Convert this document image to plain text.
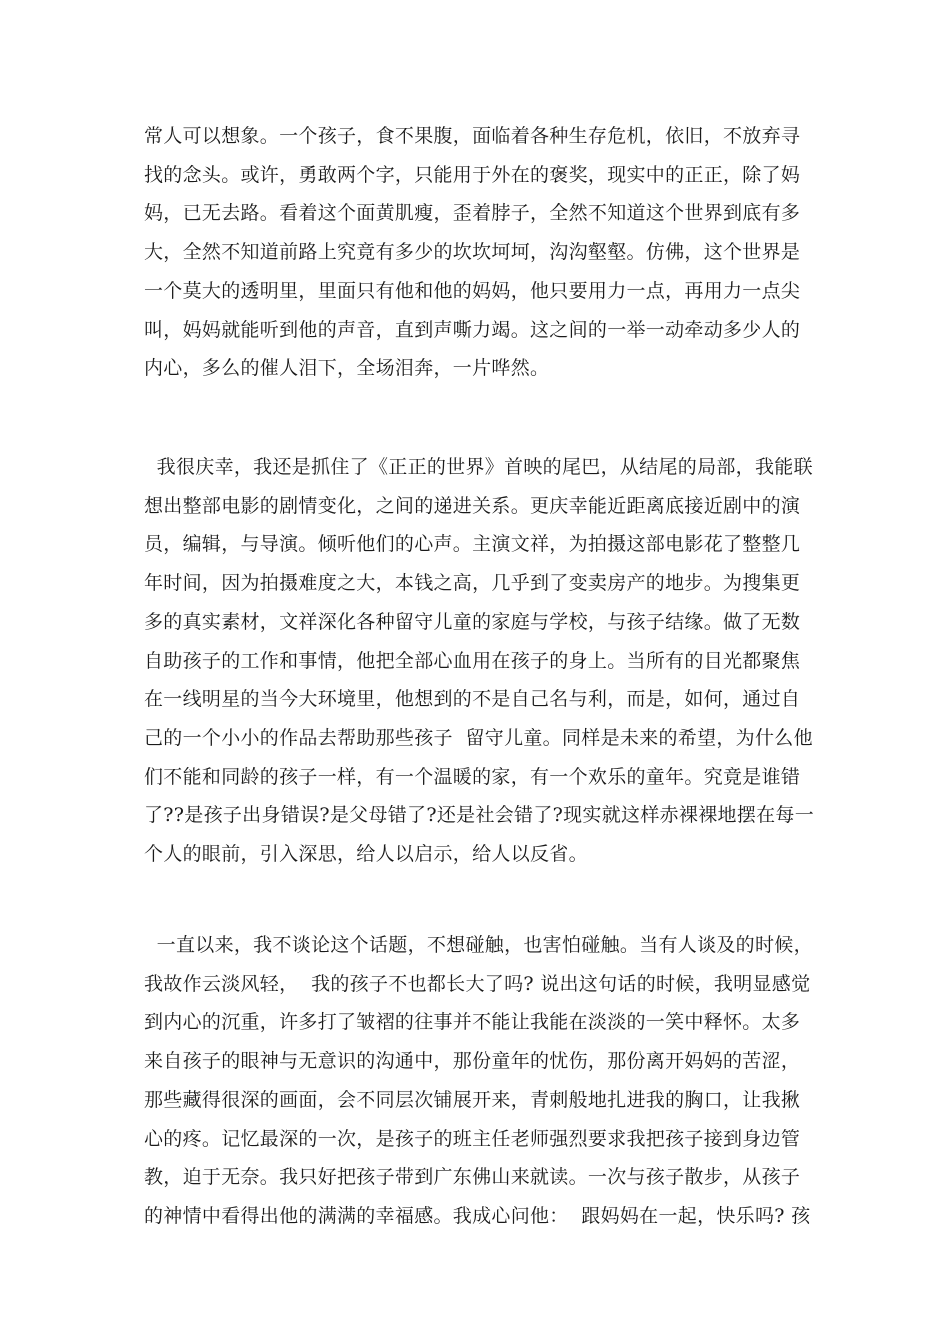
常人可以想象。一个孩子，食不果腹，面临着各种生存危机，依旧，不放弃寻
找的念头。或许，勇敢两个字，只能用于外在的褒奖，现实中的正正，除了妈
妈，已无去路。看着这个面黄肌瘦，歪着脖子，全然不知道这个世界到底有多
大，全然不知道前路上究竟有多少的坎坎坷坷，沟沟壑壑。仿佛，这个世界是
一个莫大的透明里，里面只有他和他的妈妈，他只要用力一点，再用力一点尖
叫，妈妈就能听到他的声音，直到声嘶力竭。这之间的一举一动牵动多少人的
内心，多么的催人泪下，全场泪奔，一片哗然。

我很庆幸，我还是抓住了《正正的世界》首映的尾巴，从结尾的局部，我能联
想出整部电影的剧情变化，之间的递进关系。更庆幸能近距离底接近剧中的演
员，编辑，与导演。倾听他们的心声。主演文祥，为拍摄这部电影花了整整几
年时间，因为拍摄难度之大，本钱之高，几乎到了变卖房产的地步。为搜集更
多的真实素材，文祥深化各种留守儿童的家庭与学校，与孩子结缘。做了无数
自助孩子的工作和事情，他把全部心血用在孩子的身上。当所有的目光都聚焦
在一线明星的当今大环境里，他想到的不是自己名与利，而是，如何，通过自
己的一个小小的作品去帮助那些孩子  留守儿童。同样是未来的希望，为什么他
们不能和同龄的孩子一样，有一个温暖的家，有一个欢乐的童年。究竟是谁错
了??是孩子出身错误?是父母错了?还是社会错了?现实就这样赤裸裸地摆在每一
个人的眼前，引入深思，给人以启示，给人以反省。

一直以来，我不谈论这个话题，不想碰触，也害怕碰触。当有人谈及的时候，
我故作云淡风轻，  我的孩子不也都长大了吗? 说出这句话的时候，我明显感觉
到内心的沉重，许多打了皱褶的往事并不能让我能在淡淡的一笑中释怀。太多
来自孩子的眼神与无意识的沟通中，那份童年的忧伤，那份离开妈妈的苦涩，
那些藏得很深的画面，会不同层次铺展开来，青刺般地扎进我的胸口，让我揪
心的疼。记忆最深的一次，是孩子的班主任老师强烈要求我把孩子接到身边管
教，迫于无奈。我只好把孩子带到广东佛山来就读。一次与孩子散步，从孩子
的神情中看得出他的满满的幸福感。我成心问他：  跟妈妈在一起，快乐吗? 孩
